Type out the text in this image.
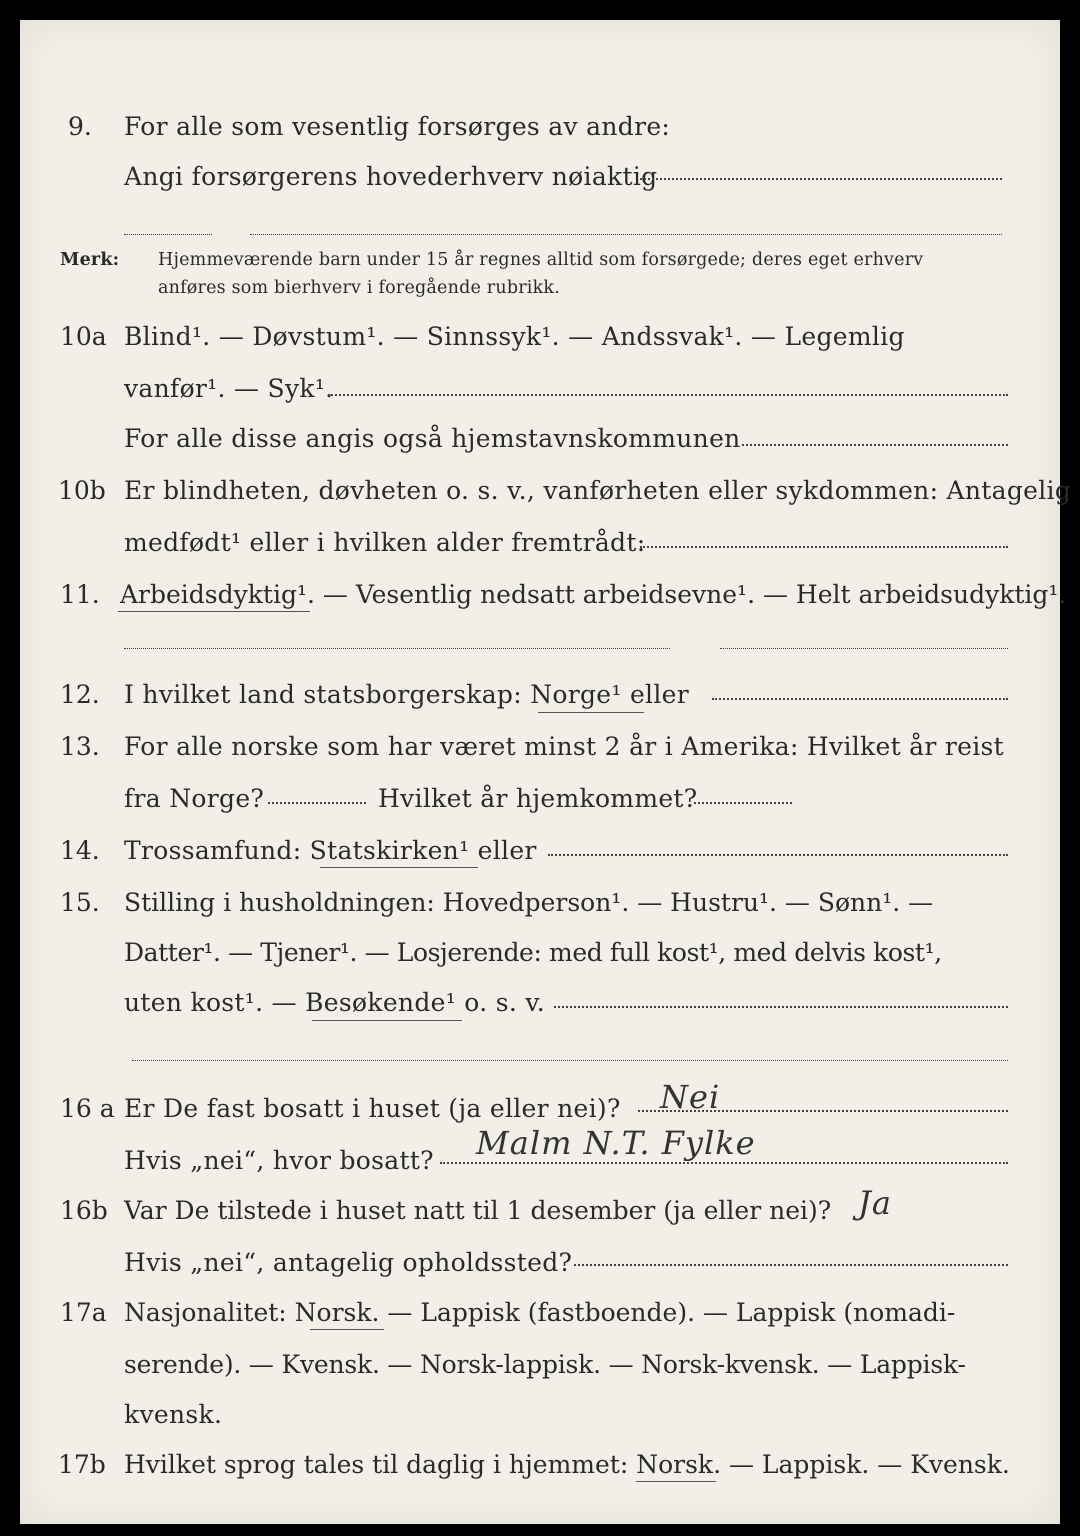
9. For alle som vesentlig forsørges av andre:
Angi forsørgerens hovederhverv nøiaktig
Merk: Hjemmeværende barn under 15 år regnes alltid som forsørgede; deres eget erhverv
anføres som bierhverv i foregående rubrikk.
10a Blind¹. — Døvstum¹. — Sinnssyk¹. — Andssvak¹. — Legemlig
vanfør¹. — Syk¹.
For alle disse angis også hjemstavnskommunen
10b Er blindheten, døvheten o. s. v., vanførheten eller sykdommen: Antagelig
medfødt¹ eller i hvilken alder fremtrådt:
11. Arbeidsdyktig¹. — Vesentlig nedsatt arbeidsevne¹. — Helt arbeidsudyktig¹.
12. I hvilket land statsborgerskap: Norge¹ eller
13. For alle norske som har været minst 2 år i Amerika: Hvilket år reist
fra Norge?	Hvilket år hjemkommet?
14. Trossamfund: Statskirken¹ eller
15. Stilling i husholdningen: Hovedperson¹. — Hustru¹. — Sønn¹. —
Datter¹. — Tjener¹. — Losjerende: med full kost¹, med delvis kost¹,
uten kost¹. — Besøkende¹ o. s. v.
16 a Er De fast bosatt i huset (ja eller nei)? Nei
Hvis „nei“, hvor bosatt? Malm N.T. Fylke
16b Var De tilstede i huset natt til 1 desember (ja eller nei)? Ja
Hvis „nei“, antagelig opholdssted?
17a Nasjonalitet: Norsk. — Lappisk (fastboende). — Lappisk (nomadi-
serende). — Kvensk. — Norsk-lappisk. — Norsk-kvensk. — Lappisk-
kvensk.
17b Hvilket sprog tales til daglig i hjemmet: Norsk. — Lappisk. — Kvensk.
